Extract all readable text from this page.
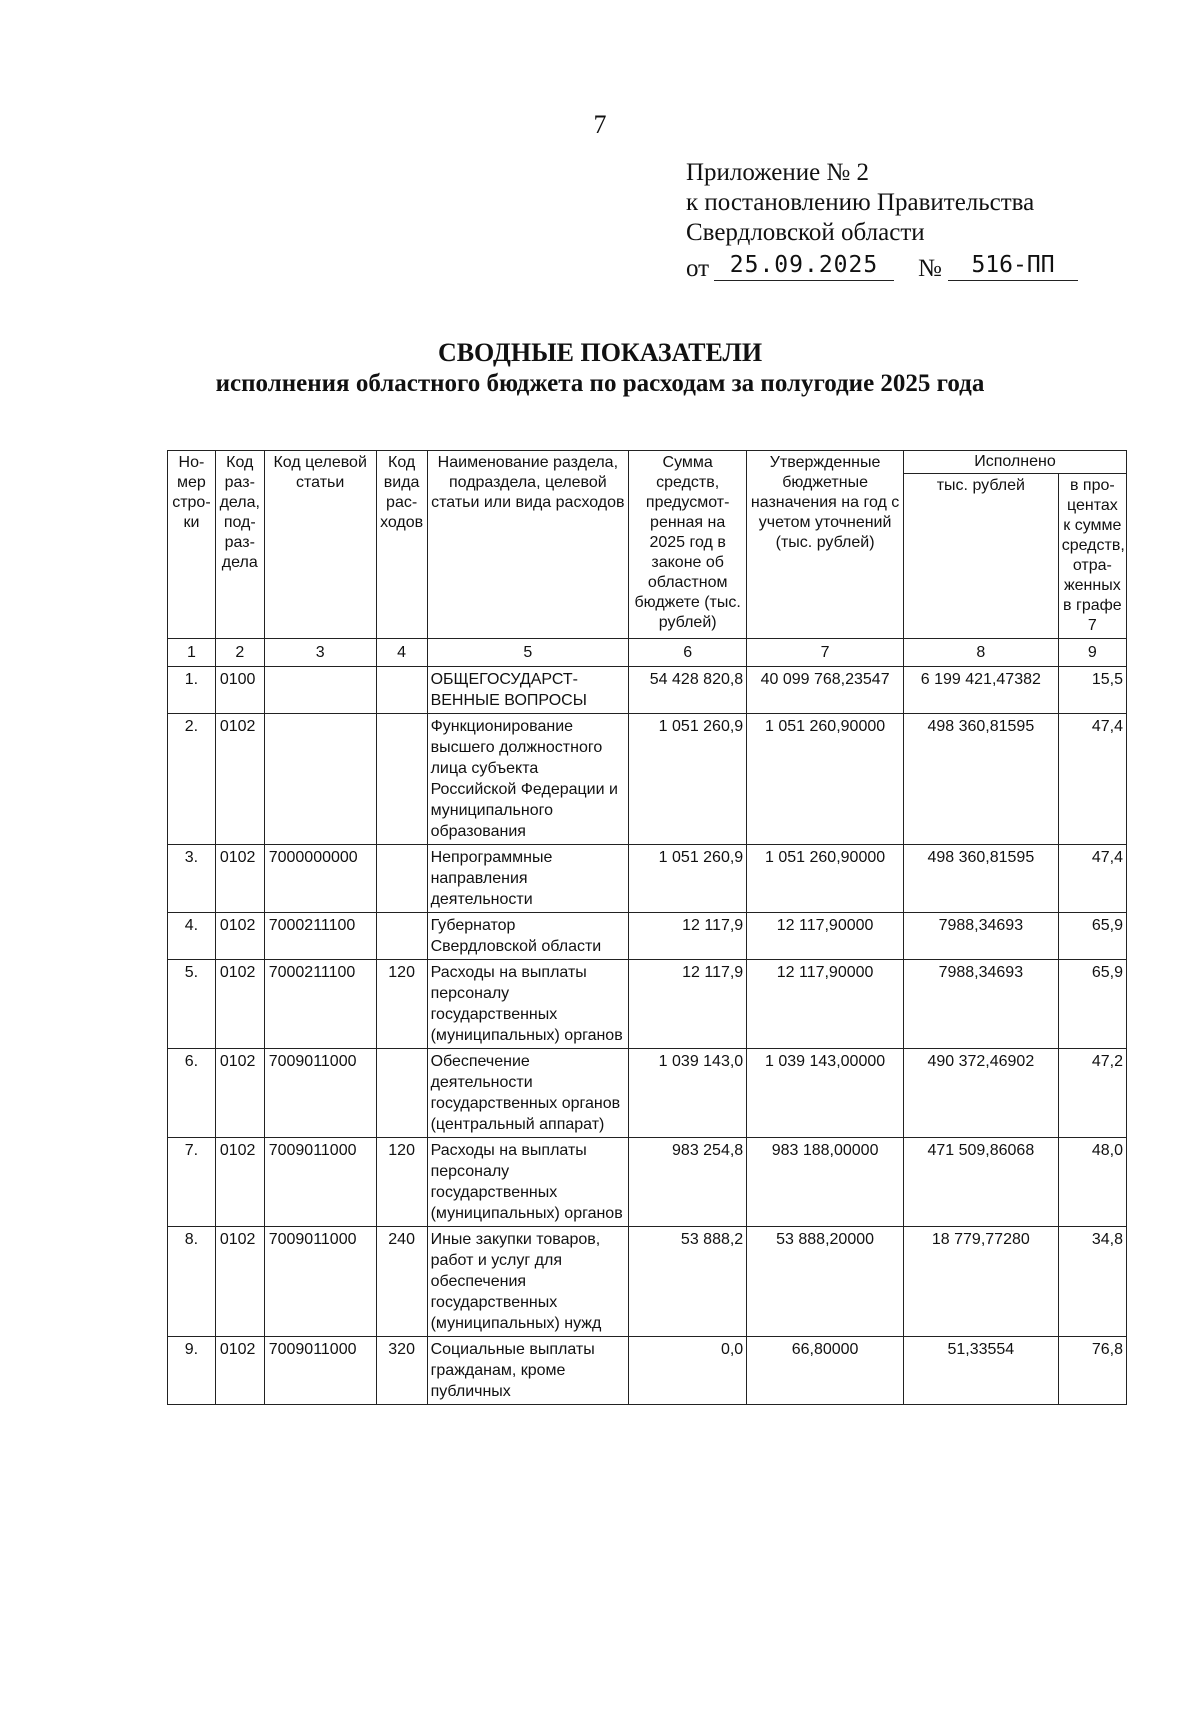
7
Приложение № 2
к постановлению Правительства
Свердловской области
от 25.09.2025	№	516-ПП
СВОДНЫЕ ПОКАЗАТЕЛИ
исполнения областного бюджета по расходам за полугодие 2025 года
Но-мер стро-ки	Код раз-дела, под-раз-дела	Код целевой статьи	Код вида рас-ходов	Наименование раздела, подраздела, целевой статьи или вида расходов	Сумма средств, предусмот-ренная на 2025 год в законе об областном бюджете (тыс. рублей)	Утвержденные бюджетные назначения на год с учетом уточнений (тыс. рублей)	Исполнено	
							тыс. рублей	в про-центах к сумме средств, отра-женных в графе 7
1	2	3	4	5	6	7	8	9
1.	0100			ОБЩЕГОСУДАРСТ-ВЕННЫЕ ВОПРОСЫ	54 428 820,8	40 099 768,23547	6 199 421,47382	15,5
2.	0102			Функционирование высшего должностного лица субъекта Российской Федерации и муниципального образования	1 051 260,9	1 051 260,90000	498 360,81595	47,4
3.	0102	7000000000		Непрограммные направления деятельности	1 051 260,9	1 051 260,90000	498 360,81595	47,4
4.	0102	7000211100		Губернатор Свердловской области	12 117,9	12 117,90000	7988,34693	65,9
5.	0102	7000211100	120	Расходы на выплаты персоналу государственных (муниципальных) органов	12 117,9	12 117,90000	7988,34693	65,9
6.	0102	7009011000		Обеспечение деятельности государственных органов (центральный аппарат)	1 039 143,0	1 039 143,00000	490 372,46902	47,2
7.	0102	7009011000	120	Расходы на выплаты персоналу государственных (муниципальных) органов	983 254,8	983 188,00000	471 509,86068	48,0
8.	0102	7009011000	240	Иные закупки товаров, работ и услуг для обеспечения государственных (муниципальных) нужд	53 888,2	53 888,20000	18 779,77280	34,8
9.	0102	7009011000	320	Социальные выплаты гражданам, кроме публичных	0,0	66,80000	51,33554	76,8
